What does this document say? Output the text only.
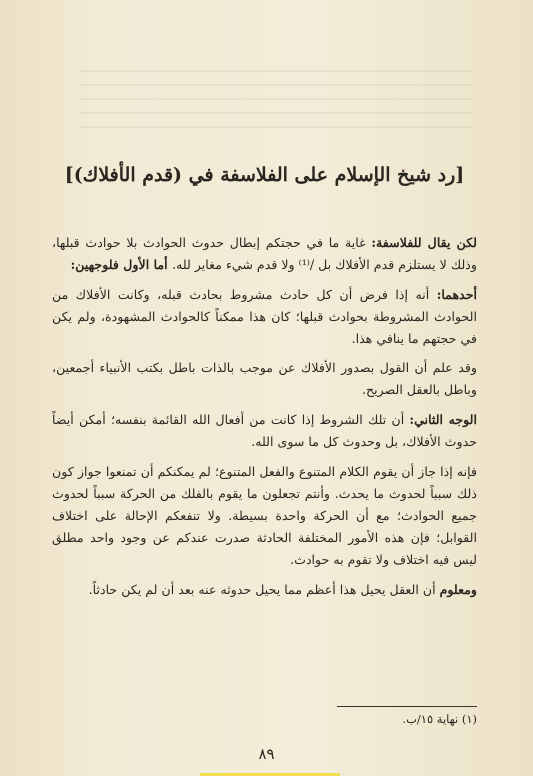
[رد شيخ الإسلام على الفلاسفة في (قدم الأفلاك)]

لكن يقال للفلاسفة: غاية ما في حجتكم إبطال حدوث الحوادث بلا حوادث قبلها، وذلك لا يستلزم قدم الأفلاك بل /⁽¹⁾ ولا قدم شيء مغاير لله. أما الأول فلوجهين:

أحدهما: أنه إذا فرض أن كل حادث مشروط بحادث قبله، وكانت الأفلاك من الحوادث المشروطة بحوادث قبلها؛ كان هذا ممكناً كالحوادث المشهودة، ولم يكن في حجتهم ما ينافي هذا.

وقد علم أن القول بصدور الأفلاك عن موجب بالذات باطل بكتب الأنبياء أجمعين، وباطل بالعقل الصريح.

الوجه الثاني: أن تلك الشروط إذا كانت من أفعال الله القائمة بنفسه؛ أمكن أيضاً حدوث الأفلاك، بل وحدوث كل ما سوى الله.

فإنه إذا جاز أن يقوم الكلام المتنوع والفعل المتنوع؛ لم يمكنكم أن تمنعوا جواز كون ذلك سبباً لحدوث ما يحدث. وأنتم تجعلون ما يقوم بالفلك من الحركة سبباً لحدوث جميع الحوادث؛ مع أن الحركة واحدة بسيطة. ولا تنفعكم الإحالة على اختلاف القوابل؛ فإن هذه الأمور المختلفة الحادثة صدرت عندكم عن وجود واحد مطلق ليس فيه اختلاف ولا تقوم به حوادث.

ومعلوم أن العقل يحيل هذا أعظم مما يحيل حدوثه عنه بعد أن لم يكن حادثاً.

(١) نهاية ١٥/ب.
٨٩
